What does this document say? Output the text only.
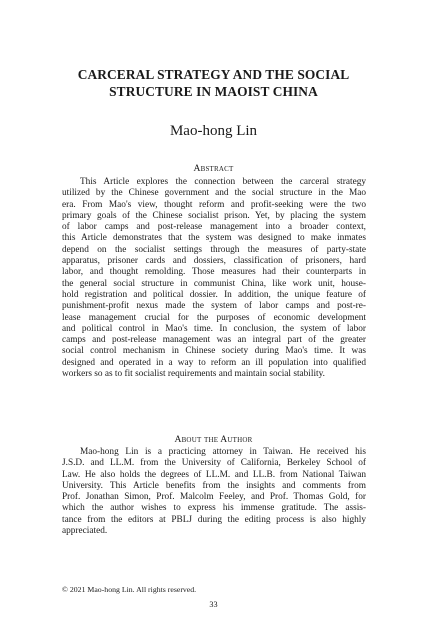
CARCERAL STRATEGY AND THE SOCIAL
STRUCTURE IN MAOIST CHINA

Mao-hong Lin

Abstract

This Article explores the connection between the carceral strategy
utilized by the Chinese government and the social structure in the Mao
era. From Mao's view, thought reform and profit-seeking were the two
primary goals of the Chinese socialist prison. Yet, by placing the system
of labor camps and post-release management into a broader context,
this Article demonstrates that the system was designed to make inmates
depend on the socialist settings through the measures of party-state
apparatus, prisoner cards and dossiers, classification of prisoners, hard
labor, and thought remolding. Those measures had their counterparts in
the general social structure in communist China, like work unit, house-
hold registration and political dossier. In addition, the unique feature of
punishment-profit nexus made the system of labor camps and post-re-
lease management crucial for the purposes of economic development
and political control in Mao's time. In conclusion, the system of labor
camps and post-release management was an integral part of the greater
social control mechanism in Chinese society during Mao's time. It was
designed and operated in a way to reform an ill population into qualified
workers so as to fit socialist requirements and maintain social stability.

About the Author

Mao-hong Lin is a practicing attorney in Taiwan. He received his
J.S.D. and LL.M. from the University of California, Berkeley School of
Law. He also holds the degrees of LL.M. and LL.B. from National Taiwan
University. This Article benefits from the insights and comments from
Prof. Jonathan Simon, Prof. Malcolm Feeley, and Prof. Thomas Gold, for
which the author wishes to express his immense gratitude. The assis-
tance from the editors at PBLJ during the editing process is also highly
appreciated.

© 2021 Mao-hong Lin. All rights reserved.

33
